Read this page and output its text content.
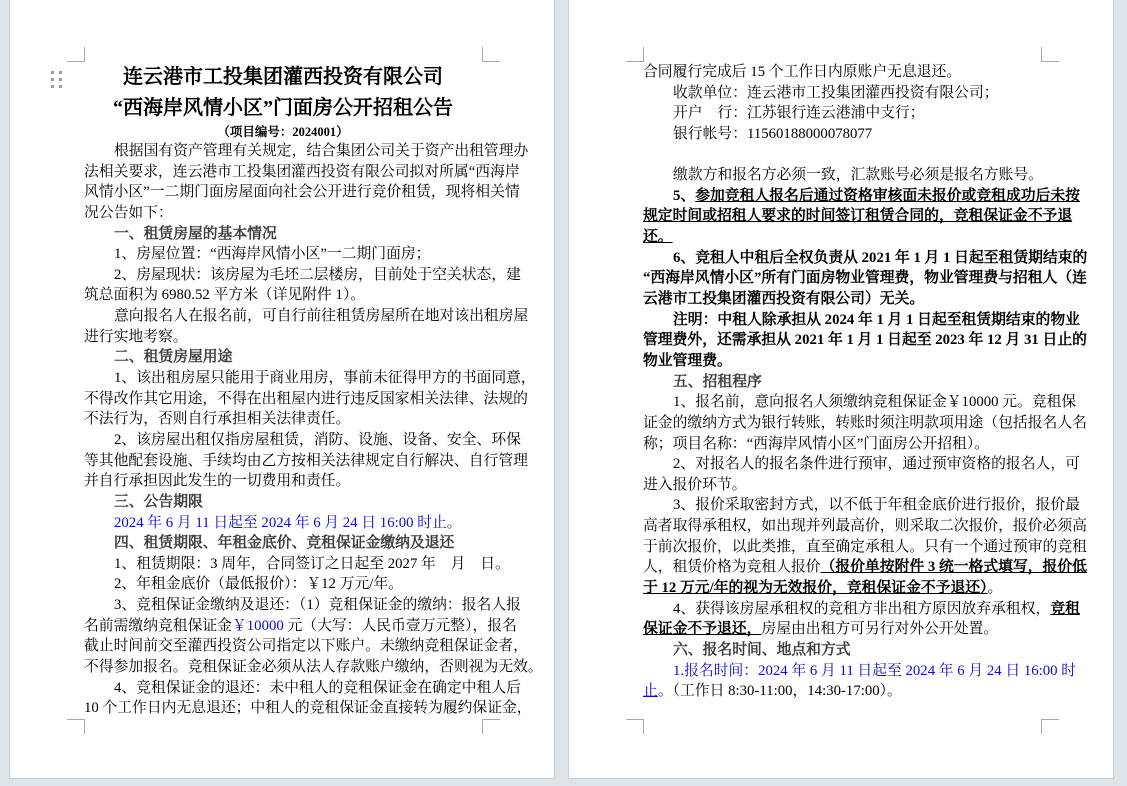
连云港市工投集团灌西投资有限公司
“西海岸风情小区”门面房公开招租公告
（项目编号：2024001）
根据国有资产管理有关规定，结合集团公司关于资产出租管理办
法相关要求，连云港市工投集团灌西投资有限公司拟对所属“西海岸
风情小区”一二期门面房屋面向社会公开进行竞价租赁，现将相关情
况公告如下：
一、租赁房屋的基本情况
1、房屋位置：“西海岸风情小区”一二期门面房；
2、房屋现状：该房屋为毛坯二层楼房，目前处于空关状态，建
筑总面积为 6980.52 平方米（详见附件 1）。
意向报名人在报名前，可自行前往租赁房屋所在地对该出租房屋
进行实地考察。
二、租赁房屋用途
1、该出租房屋只能用于商业用房，事前未征得甲方的书面同意，
不得改作其它用途，不得在出租屋内进行违反国家相关法律、法规的
不法行为，否则自行承担相关法律责任。
2、该房屋出租仅指房屋租赁，消防、设施、设备、安全、环保
等其他配套设施、手续均由乙方按相关法律规定自行解决、自行管理
并自行承担因此发生的一切费用和责任。
三、公告期限
2024 年 6 月 11 日起至 2024 年 6 月 24 日 16:00 时止。
四、租赁期限、年租金底价、竞租保证金缴纳及退还
1、租赁期限：3 周年，合同签订之日起至 2027 年　月　日。
2、年租金底价（最低报价）：￥12 万元/年。
3、竞租保证金缴纳及退还：（1）竞租保证金的缴纳：报名人报
名前需缴纳竞租保证金￥10000 元（大写：人民币壹万元整），报名
截止时间前交至灌西投资公司指定以下账户。未缴纳竞租保证金者，
不得参加报名。竞租保证金必须从法人存款账户缴纳，否则视为无效。
4、竞租保证金的退还：未中租人的竞租保证金在确定中租人后
10 个工作日内无息退还；中租人的竞租保证金直接转为履约保证金，
合同履行完成后 15 个工作日内原账户无息退还。
收款单位：连云港市工投集团灌西投资有限公司；
开户　行：江苏银行连云港浦中支行；
银行帐号：11560188000078077

缴款方和报名方必须一致，汇款账号必须是报名方账号。
5、参加竞租人报名后通过资格审核面未报价或竞租成功后未按
规定时间或招租人要求的时间签订租赁合同的，竞租保证金不予退
还。
6、竞租人中租后全权负责从 2021 年 1 月 1 日起至租赁期结束的
“西海岸风情小区”所有门面房物业管理费，物业管理费与招租人（连
云港市工投集团灌西投资有限公司）无关。
注明：中租人除承担从 2024 年 1 月 1 日起至租赁期结束的物业
管理费外，还需承担从 2021 年 1 月 1 日起至 2023 年 12 月 31 日止的
物业管理费。
五、招租程序
1、报名前，意向报名人须缴纳竞租保证金￥10000 元。竞租保
证金的缴纳方式为银行转账，转账时须注明款项用途（包括报名人名
称；项目名称：“西海岸风情小区”门面房公开招租）。
2、对报名人的报名条件进行预审，通过预审资格的报名人，可
进入报价环节。
3、报价采取密封方式，以不低于年租金底价进行报价，报价最
高者取得承租权，如出现并列最高价，则采取二次报价，报价必须高
于前次报价，以此类推，直至确定承租人。只有一个通过预审的竞租
人，租赁价格为竞租人报价（报价单按附件 3 统一格式填写，报价低
于 12 万元/年的视为无效报价，竞租保证金不予退还）。
4、获得该房屋承租权的竞租方非出租方原因放弃承租权，竞租
保证金不予退还，房屋由出租方可另行对外公开处置。
六、报名时间、地点和方式
1.报名时间：2024 年 6 月 11 日起至 2024 年 6 月 24 日 16:00 时
止。（工作日 8:30-11:00，14:30-17:00）。
